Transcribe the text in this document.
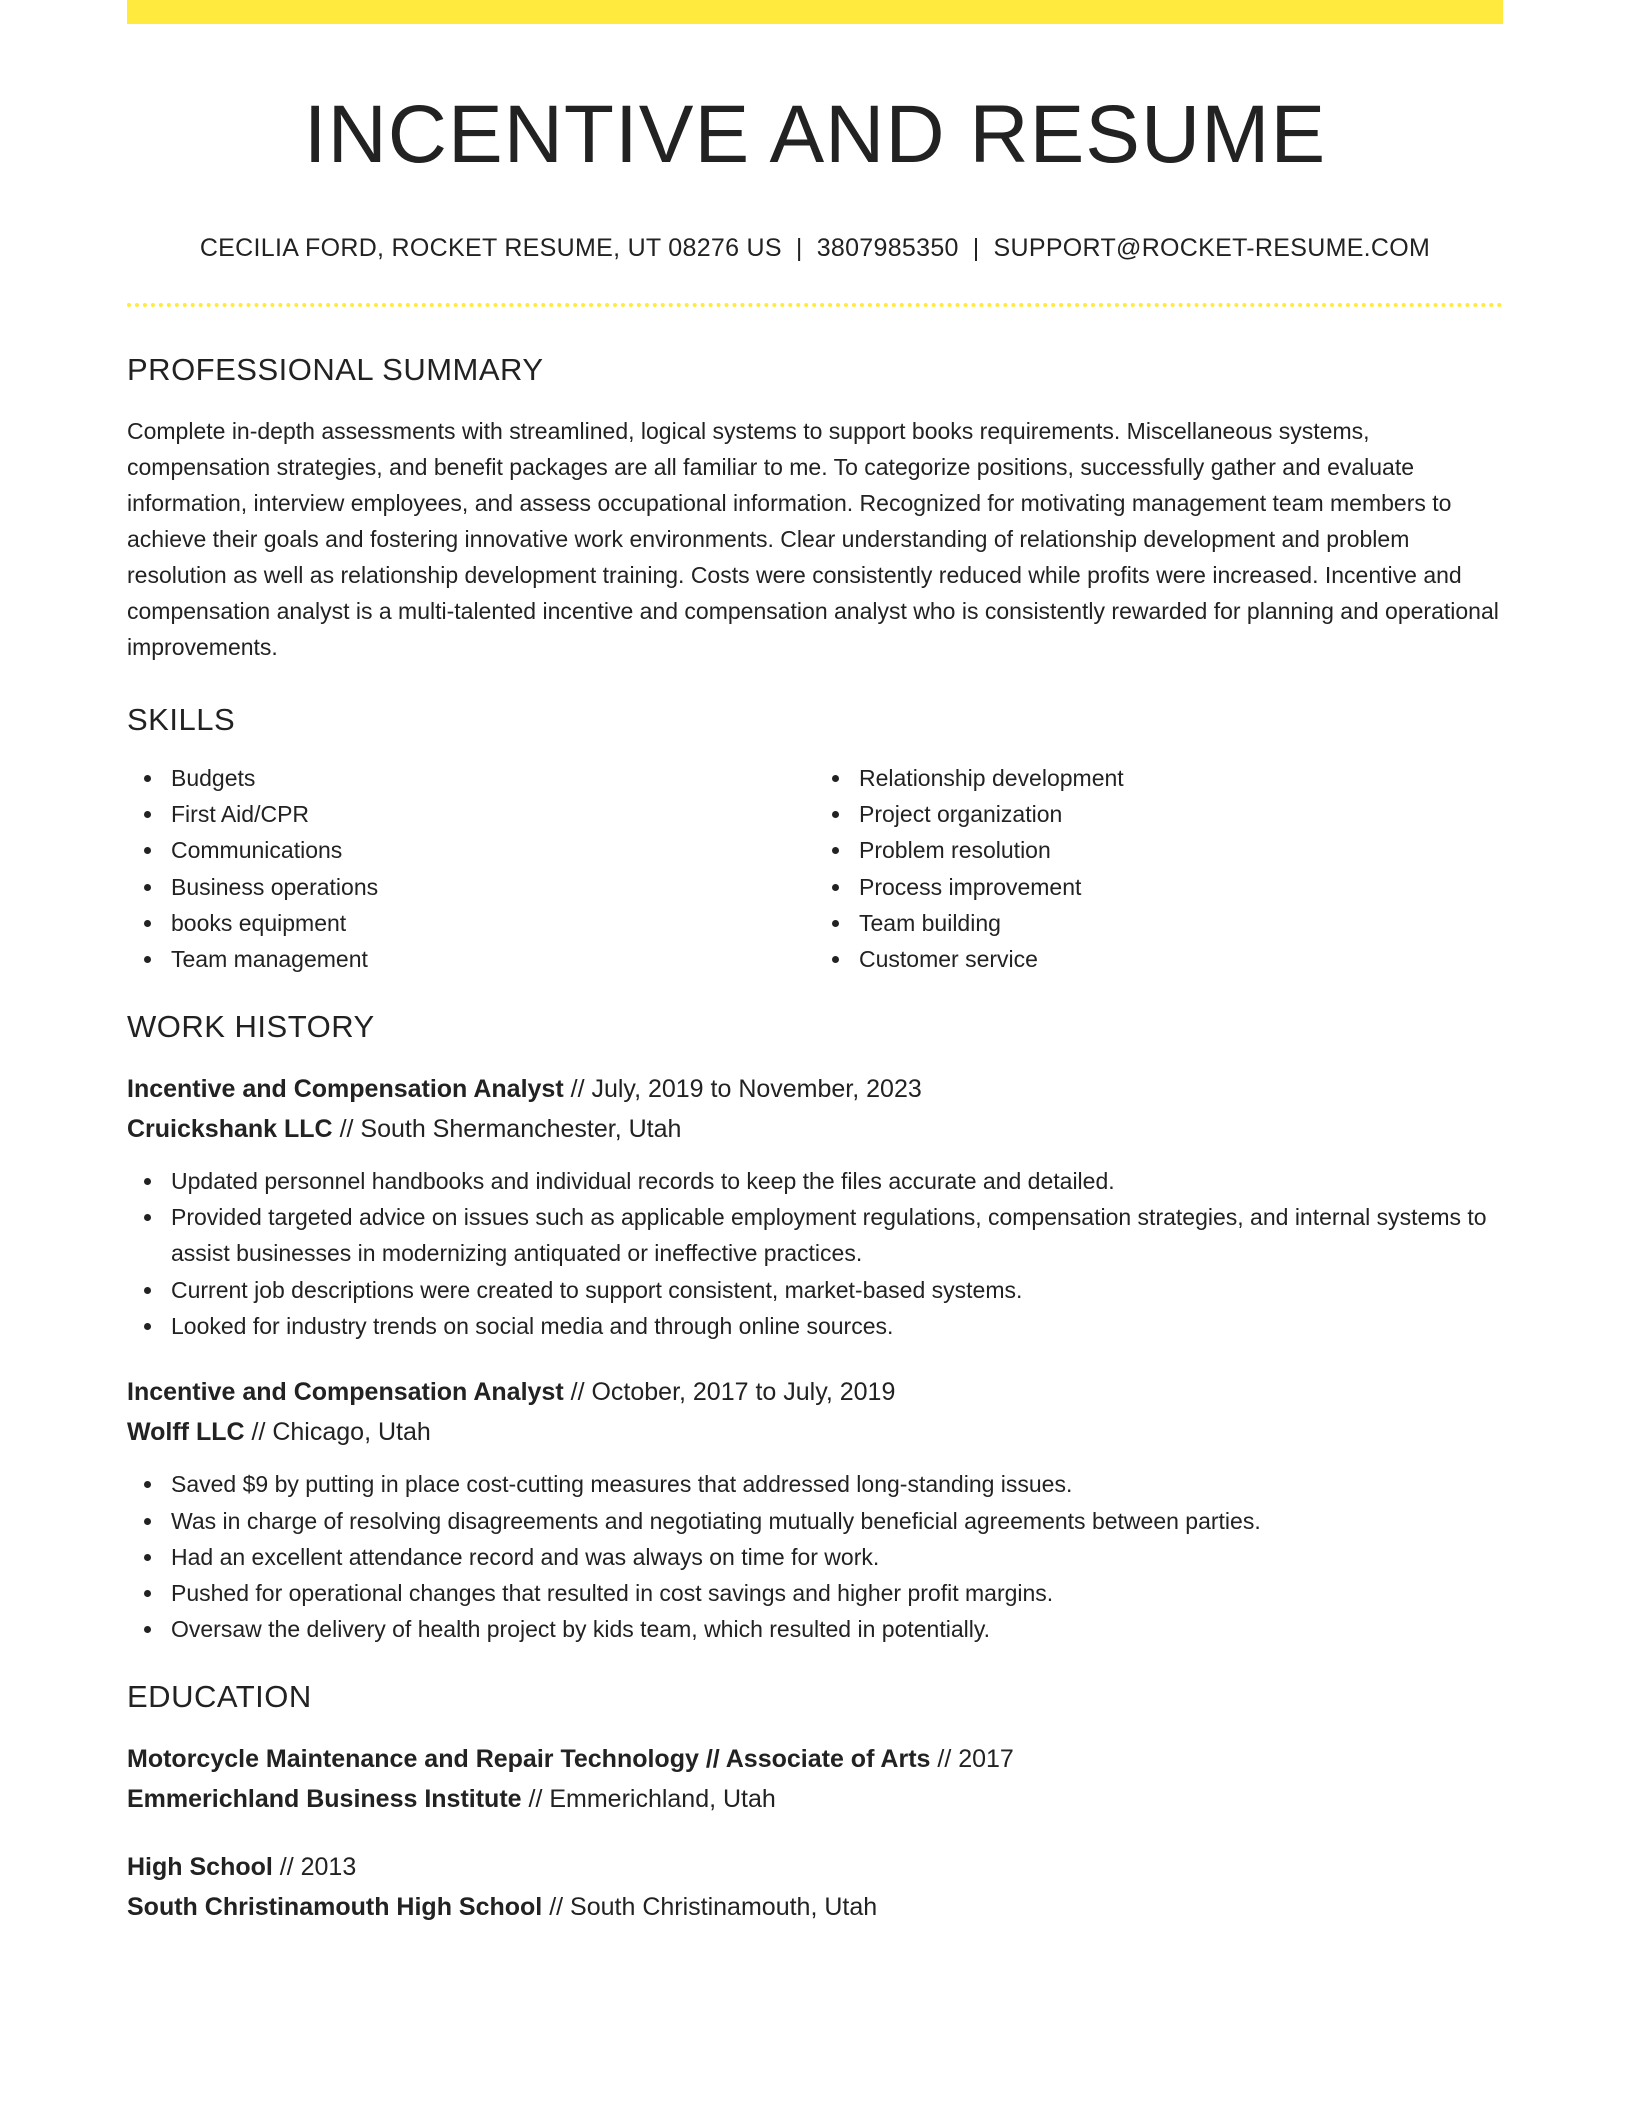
INCENTIVE AND RESUME
CECILIA FORD, ROCKET RESUME, UT 08276 US | 3807985350 | SUPPORT@ROCKET-RESUME.COM
PROFESSIONAL SUMMARY

Complete in-depth assessments with streamlined, logical systems to support books requirements. Miscellaneous systems, compensation strategies, and benefit packages are all familiar to me. To categorize positions, successfully gather and evaluate information, interview employees, and assess occupational information. Recognized for motivating management team members to achieve their goals and fostering innovative work environments. Clear understanding of relationship development and problem resolution as well as relationship development training. Costs were consistently reduced while profits were increased. Incentive and compensation analyst is a multi-talented incentive and compensation analyst who is consistently rewarded for planning and operational improvements.

SKILLS
Budgets
First Aid/CPR
Communications
Business operations
books equipment
Team management
Relationship development
Project organization
Problem resolution
Process improvement
Team building
Customer service
WORK HISTORY
Incentive and Compensation Analyst // July, 2019 to November, 2023
Cruickshank LLC // South Shermanchester, Utah
Updated personnel handbooks and individual records to keep the files accurate and detailed.
Provided targeted advice on issues such as applicable employment regulations, compensation strategies, and internal systems to assist businesses in modernizing antiquated or ineffective practices.
Current job descriptions were created to support consistent, market-based systems.
Looked for industry trends on social media and through online sources.
Incentive and Compensation Analyst // October, 2017 to July, 2019
Wolff LLC // Chicago, Utah
Saved $9 by putting in place cost-cutting measures that addressed long-standing issues.
Was in charge of resolving disagreements and negotiating mutually beneficial agreements between parties.
Had an excellent attendance record and was always on time for work.
Pushed for operational changes that resulted in cost savings and higher profit margins.
Oversaw the delivery of health project by kids team, which resulted in potentially.
EDUCATION
Motorcycle Maintenance and Repair Technology // Associate of Arts // 2017
Emmerichland Business Institute // Emmerichland, Utah
High School // 2013
South Christinamouth High School // South Christinamouth, Utah
